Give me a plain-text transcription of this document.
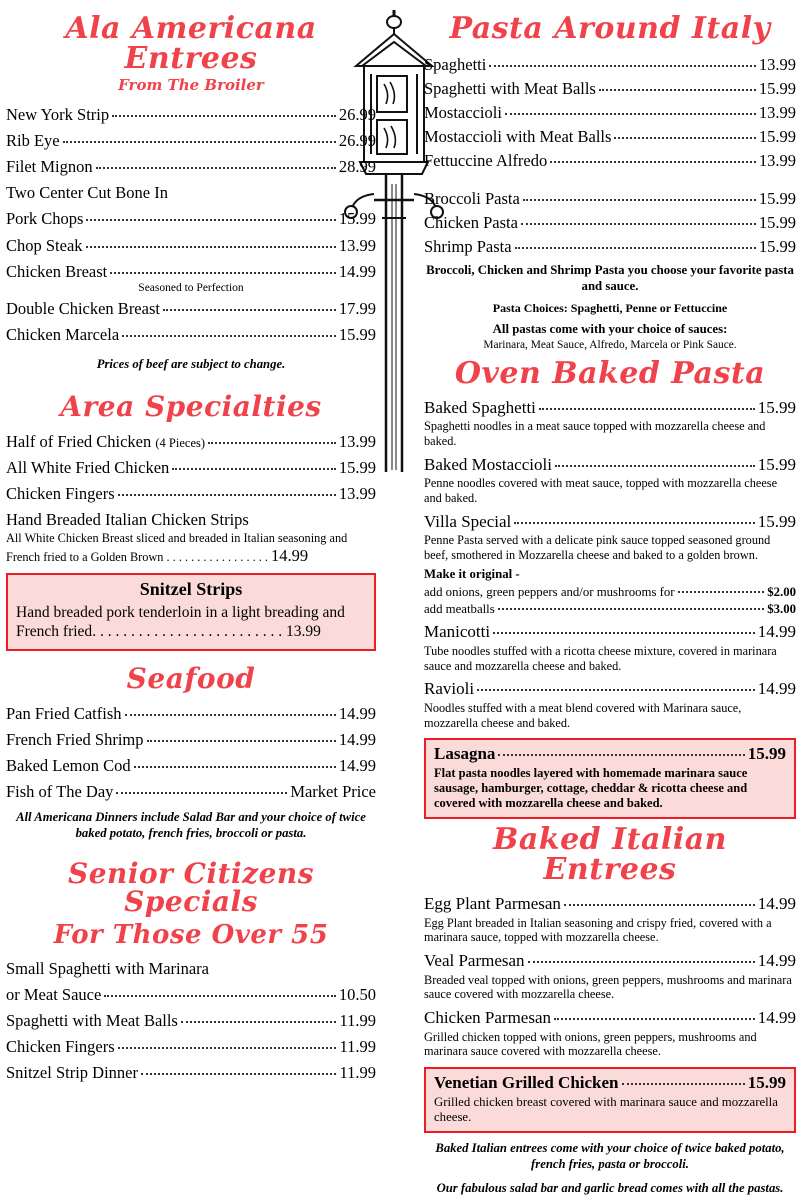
Ala Americana Entrees
From The Broiler
New York Strip	26.99
Rib Eye	26.99
Filet Mignon	28.99
Two Center Cut Bone In
Pork Chops	15.99
Chop Steak	13.99
Chicken Breast	14.99
Seasoned to Perfection
Double Chicken Breast	17.99
Chicken Marcela	15.99
Prices of beef are subject to change.
Area Specialties
Half of Fried Chicken (4 Pieces)	13.99
All White Fried Chicken	15.99
Chicken Fingers	13.99
Hand Breaded Italian Chicken Strips
All White Chicken Breast sliced and breaded in Italian seasoning and French fried to a Golden Brown . . . . . . . . . . . . . . . . . 14.99
Snitzel Strips
Hand breaded pork tenderloin in a light breading and French fried. . . . . . . . . . . . . . . . . . . . . . . . . 13.99
Seafood
Pan Fried Catfish	14.99
French Fried Shrimp	14.99
Baked Lemon Cod	14.99
Fish of The Day	Market Price
All Americana Dinners include Salad Bar and your choice of twice baked potato, french fries, broccoli or pasta.
Senior Citizens Specials
For Those Over 55
Small Spaghetti with Marinara
or Meat Sauce	10.50
Spaghetti with Meat Balls	11.99
Chicken Fingers	11.99
Snitzel Strip Dinner	11.99
Pasta Around Italy
Spaghetti	13.99
Spaghetti with Meat Balls	15.99
Mostaccioli	13.99
Mostaccioli with Meat Balls	15.99
Fettuccine Alfredo	13.99
Broccoli Pasta	15.99
Chicken Pasta	15.99
Shrimp Pasta	15.99
Broccoli, Chicken and Shrimp Pasta you choose your favorite pasta and sauce.
Pasta Choices: Spaghetti, Penne or Fettuccine
All pastas come with your choice of sauces:
Marinara, Meat Sauce, Alfredo, Marcela or Pink Sauce.
Oven Baked Pasta
Baked Spaghetti	15.99
Spaghetti noodles in a meat sauce topped with mozzarella cheese and baked.
Baked Mostaccioli	15.99
Penne noodles covered with meat sauce, topped with mozzarella cheese and baked.
Villa Special	15.99
Penne Pasta served with a delicate pink sauce topped seasoned ground beef, smothered in Mozzarella cheese and baked to a golden brown.
Make it original -
add onions, green peppers and/or mushrooms for	$2.00
add meatballs	$3.00
Manicotti	14.99
Tube noodles stuffed with a ricotta cheese mixture, covered in marinara sauce and mozzarella cheese and baked.
Ravioli	14.99
Noodles stuffed with a meat blend covered with Marinara sauce, mozzarella cheese and baked.
Lasagna	15.99
Flat pasta noodles layered with homemade marinara sauce sausage, hamburger, cottage, cheddar & ricotta cheese and covered with mozzarella cheese and baked.
Baked Italian Entrees
Egg Plant Parmesan	14.99
Egg Plant breaded in Italian seasoning and crispy fried, covered with a marinara sauce, topped with mozzarella cheese.
Veal Parmesan	14.99
Breaded veal topped with onions, green peppers, mushrooms and marinara sauce covered with mozzarella cheese.
Chicken Parmesan	14.99
Grilled chicken topped with onions, green peppers, mushrooms and marinara sauce covered with mozzarella cheese.
Venetian Grilled Chicken	15.99
Grilled chicken breast covered with marinara sauce and mozzarella cheese.
Baked Italian entrees come with your choice of twice baked potato, french fries, pasta or broccoli.
Our fabulous salad bar and garlic bread comes with all the pastas.
